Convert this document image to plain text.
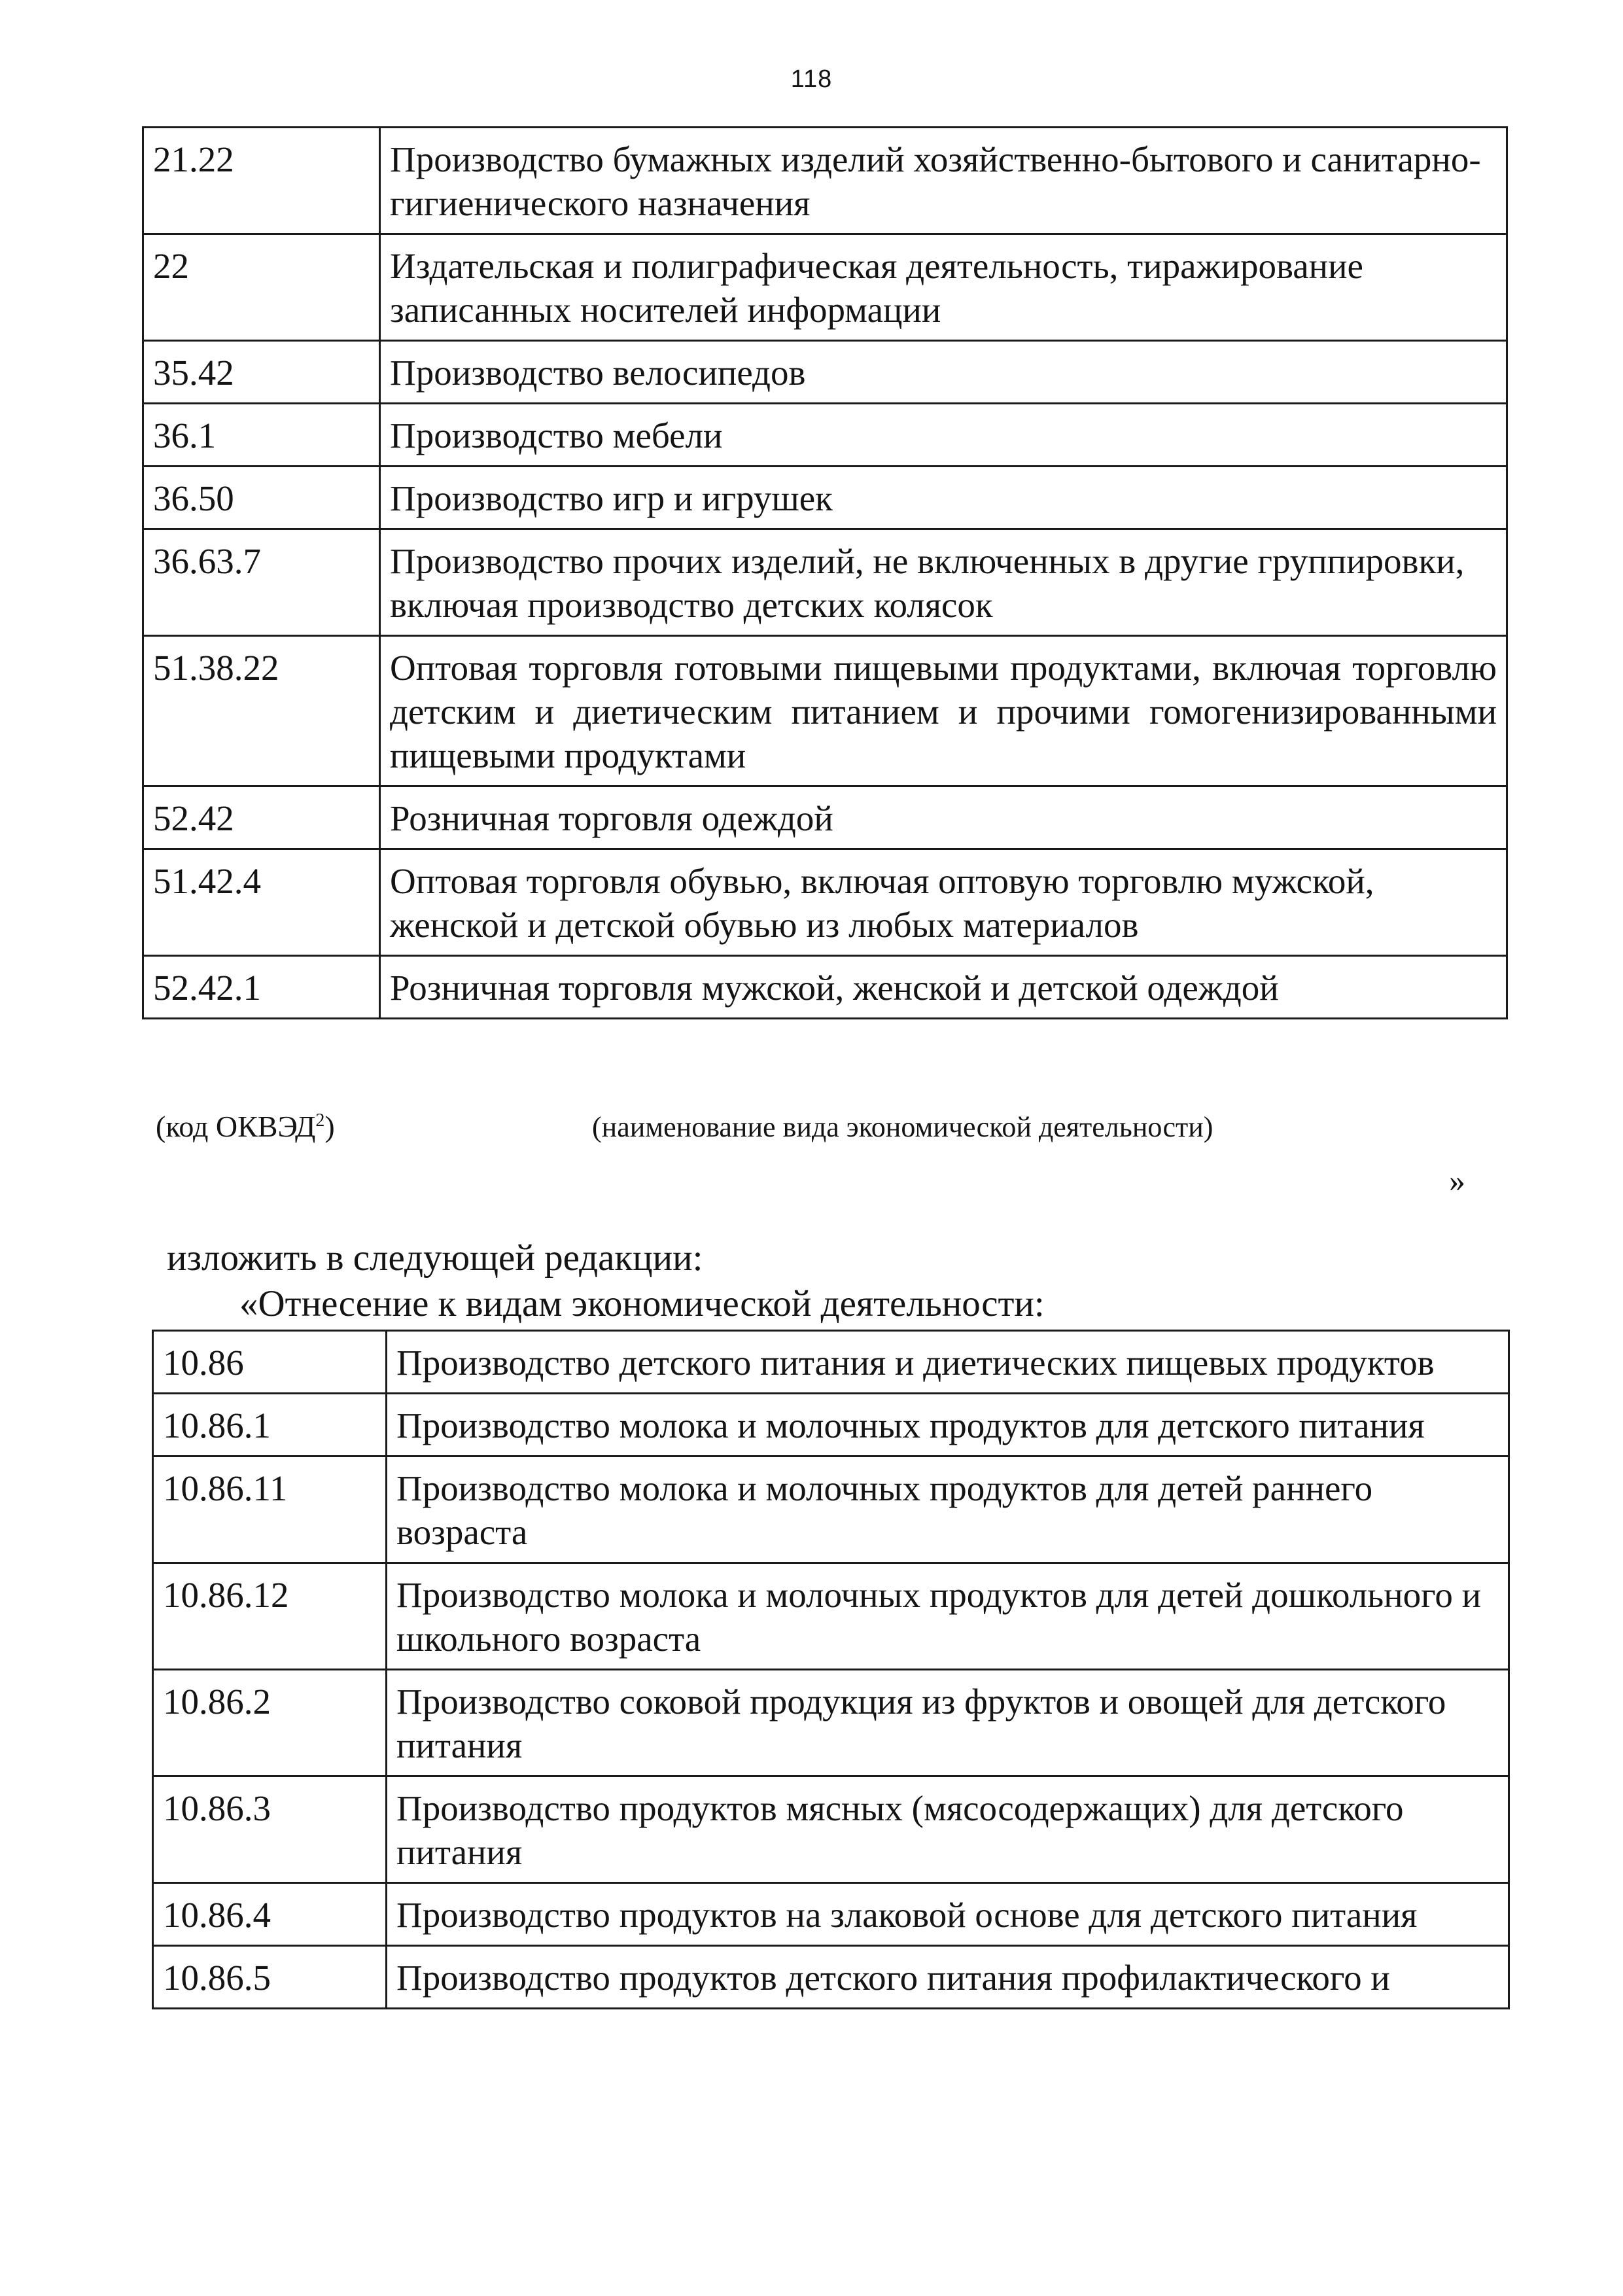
118
21.22	Производство бумажных изделий хозяйственно-бытового и санитарно-гигиенического назначения
22	Издательская и полиграфическая деятельность, тиражирование записанных носителей информации
35.42	Производство велосипедов
36.1	Производство мебели
36.50	Производство игр и игрушек
36.63.7	Производство прочих изделий, не включенных в другие группировки, включая производство детских колясок
51.38.22	Оптовая торговля готовыми пищевыми продуктами, включая торговлю детским и диетическим питанием и прочими гомогенизированными пищевыми продуктами
52.42	Розничная торговля одеждой
51.42.4	Оптовая торговля обувью, включая оптовую торговлю мужской, женской и детской обувью из любых материалов
52.42.1	Розничная торговля мужской, женской и детской одеждой
(код ОКВЭД$^2$)	(наименование вида экономической деятельности)
»
изложить в следующей редакции:
«Отнесение к видам экономической деятельности:
10.86	Производство детского питания и диетических пищевых продуктов
10.86.1	Производство молока и молочных продуктов для детского питания
10.86.11	Производство молока и молочных продуктов для детей раннего возраста
10.86.12	Производство молока и молочных продуктов для детей дошкольного и школьного возраста
10.86.2	Производство соковой продукция из фруктов и овощей для детского питания
10.86.3	Производство продуктов мясных (мясосодержащих) для детского питания
10.86.4	Производство продуктов на злаковой основе для детского питания
10.86.5	Производство продуктов детского питания профилактического и
